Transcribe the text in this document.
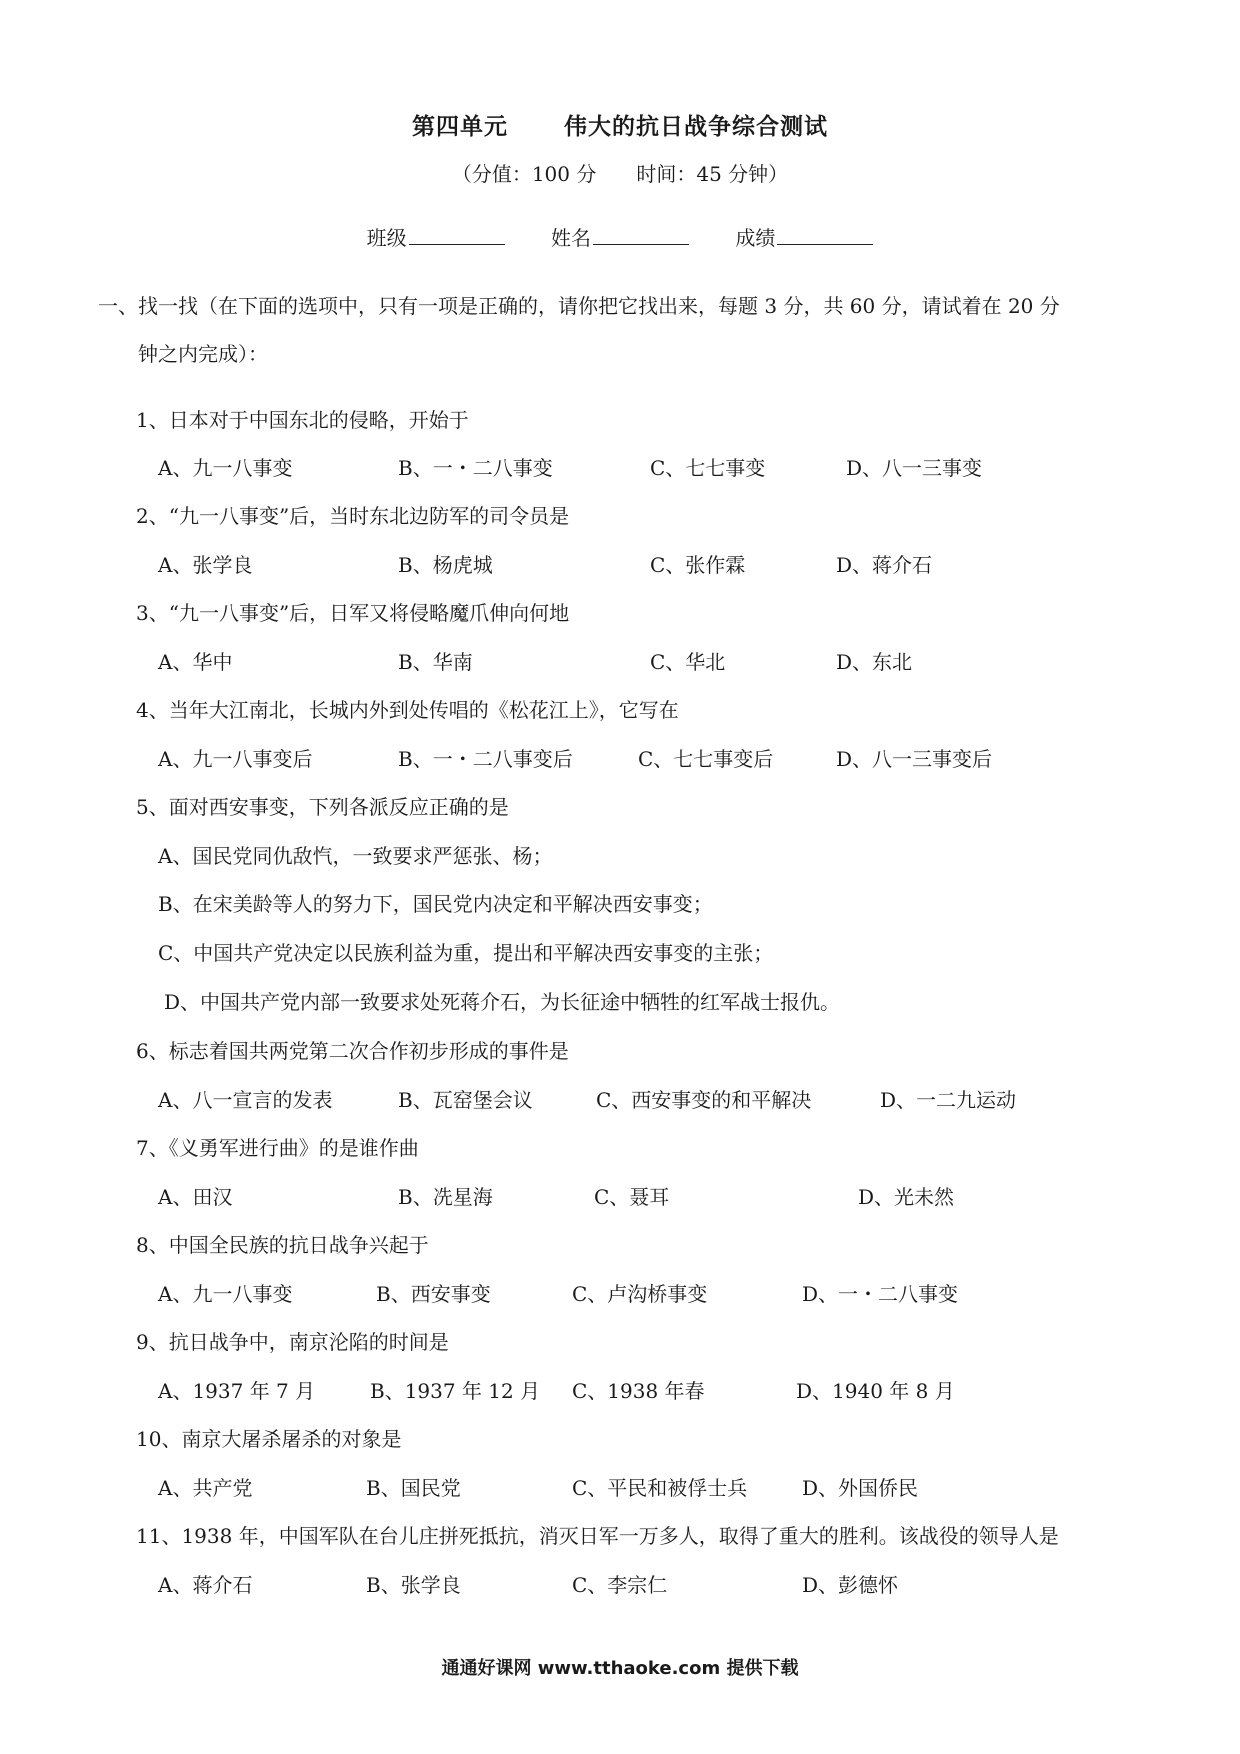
第四单元 伟大的抗日战争综合测试
（分值：100 分 时间：45 分钟）
班级	姓名	成绩
一、找一找（在下面的选项中，只有一项是正确的，请你把它找出来，每题 3 分，共 60 分，请试着在 20 分
钟之内完成）：
1、日本对于中国东北的侵略，开始于
A、九一八事变	B、一・二八事变	C、七七事变	D、八一三事变
2、“九一八事变”后，当时东北边防军的司令员是
A、张学良	B、杨虎城	C、张作霖	D、蒋介石
3、“九一八事变”后，日军又将侵略魔爪伸向何地
A、华中	B、华南	C、华北	D、东北
4、当年大江南北，长城内外到处传唱的《松花江上》，它写在
A、九一八事变后	B、一・二八事变后	C、七七事变后	D、八一三事变后
5、面对西安事变，下列各派反应正确的是
A、国民党同仇敌忾，一致要求严惩张、杨；
B、在宋美龄等人的努力下，国民党内决定和平解决西安事变；
C、中国共产党决定以民族利益为重，提出和平解决西安事变的主张；
D、中国共产党内部一致要求处死蒋介石，为长征途中牺牲的红军战士报仇。
6、标志着国共两党第二次合作初步形成的事件是
A、八一宣言的发表	B、瓦窑堡会议	C、西安事变的和平解决	D、一二九运动
7、《义勇军进行曲》的是谁作曲
A、田汉	B、冼星海	C、聂耳	D、光未然
8、中国全民族的抗日战争兴起于
A、九一八事变	B、西安事变	C、卢沟桥事变	D、一・二八事变
9、抗日战争中，南京沦陷的时间是
A、1937 年 7 月	B、1937 年 12 月 C、1938 年春	D、1940 年 8 月
10、南京大屠杀屠杀的对象是
A、共产党	B、国民党	C、平民和被俘士兵	D、外国侨民
11、1938 年，中国军队在台儿庄拼死抵抗，消灭日军一万多人，取得了重大的胜利。该战役的领导人是
A、蒋介石	B、张学良	C、李宗仁	D、彭德怀
通通好课网 www.tthaoke.com 提供下载
